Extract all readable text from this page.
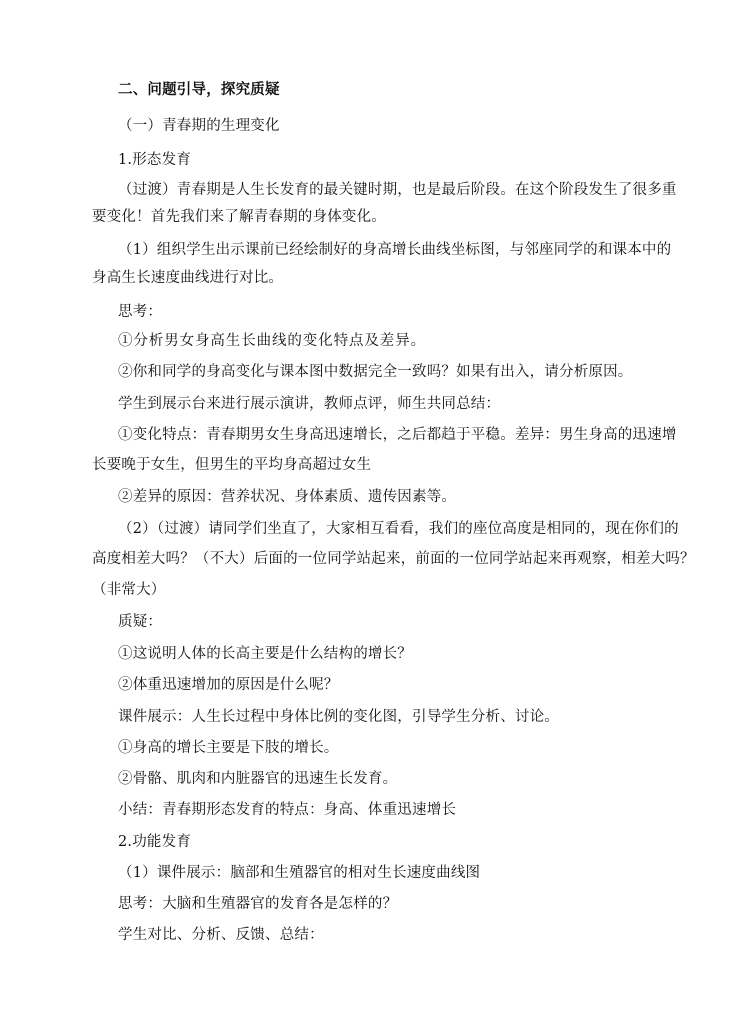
二、问题引导，探究质疑
（一）青春期的生理变化
1.形态发育
（过渡）青春期是人生长发育的最关键时期，也是最后阶段。在这个阶段发生了很多重
要变化！首先我们来了解青春期的身体变化。
（1）组织学生出示课前已经绘制好的身高增长曲线坐标图，与邻座同学的和课本中的
身高生长速度曲线进行对比。
思考：
①分析男女身高生长曲线的变化特点及差异。
②你和同学的身高变化与课本图中数据完全一致吗？如果有出入，请分析原因。
学生到展示台来进行展示演讲，教师点评，师生共同总结：
①变化特点：青春期男女生身高迅速增长，之后都趋于平稳。差异：男生身高的迅速增
长要晚于女生，但男生的平均身高超过女生
②差异的原因：营养状况、身体素质、遗传因素等。
（2）（过渡）请同学们坐直了，大家相互看看，我们的座位高度是相同的，现在你们的
高度相差大吗？（不大）后面的一位同学站起来，前面的一位同学站起来再观察，相差大吗？
（非常大）
质疑：
①这说明人体的长高主要是什么结构的增长？
②体重迅速增加的原因是什么呢？
课件展示：人生长过程中身体比例的变化图，引导学生分析、讨论。
①身高的增长主要是下肢的增长。
②骨骼、肌肉和内脏器官的迅速生长发育。
小结：青春期形态发育的特点：身高、体重迅速增长
2.功能发育
（1）课件展示：脑部和生殖器官的相对生长速度曲线图
思考：大脑和生殖器官的发育各是怎样的？
学生对比、分析、反馈、总结：
